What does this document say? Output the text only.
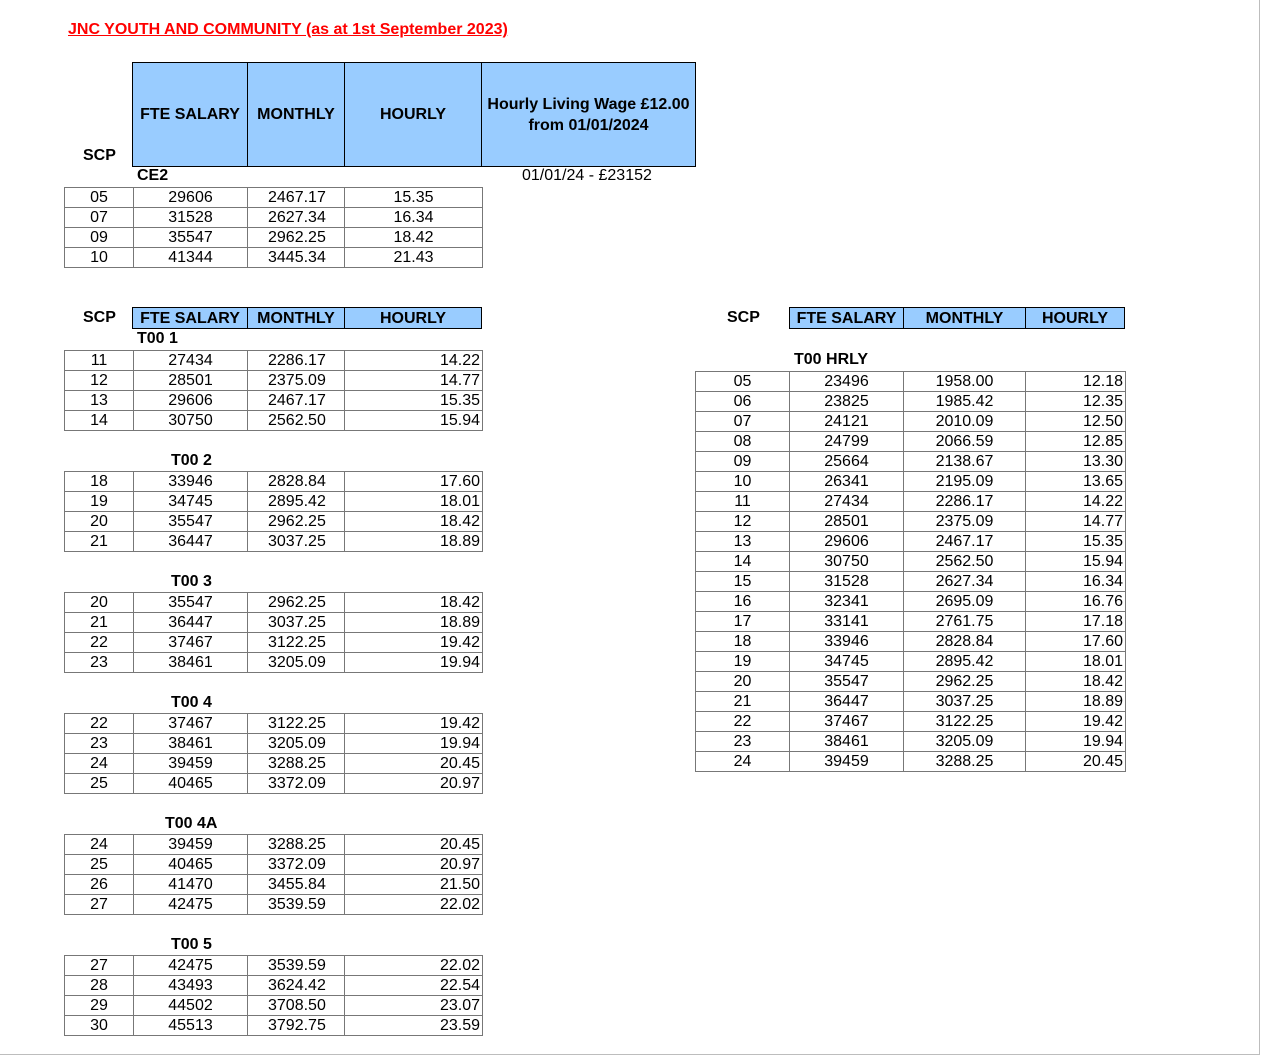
JNC YOUTH AND COMMUNITY (as at 1st September 2023)
FTE SALARY	MONTHLY	HOURLY
Hourly Living Wage £12.00
from 01/01/2024
SCP
CE2	01/01/24 - £23152
05	29606	2467.17	15.35
07	31528	2627.34	16.34
09	35547	2962.25	18.42
10	41344	3445.34	21.43
SCP	FTE SALARY	MONTHLY	HOURLY
T00 1
11	27434	2286.17	14.22
12	28501	2375.09	14.77
13	29606	2467.17	15.35
14	30750	2562.50	15.94
T00 2
18	33946	2828.84	17.60
19	34745	2895.42	18.01
20	35547	2962.25	18.42
21	36447	3037.25	18.89
T00 3
20	35547	2962.25	18.42
21	36447	3037.25	18.89
22	37467	3122.25	19.42
23	38461	3205.09	19.94
T00 4
22	37467	3122.25	19.42
23	38461	3205.09	19.94
24	39459	3288.25	20.45
25	40465	3372.09	20.97
T00 4A
24	39459	3288.25	20.45
25	40465	3372.09	20.97
26	41470	3455.84	21.50
27	42475	3539.59	22.02
T00 5
27	42475	3539.59	22.02
28	43493	3624.42	22.54
29	44502	3708.50	23.07
30	45513	3792.75	23.59
SCP	FTE SALARY	MONTHLY	HOURLY
T00 HRLY
05	23496	1958.00	12.18
06	23825	1985.42	12.35
07	24121	2010.09	12.50
08	24799	2066.59	12.85
09	25664	2138.67	13.30
10	26341	2195.09	13.65
11	27434	2286.17	14.22
12	28501	2375.09	14.77
13	29606	2467.17	15.35
14	30750	2562.50	15.94
15	31528	2627.34	16.34
16	32341	2695.09	16.76
17	33141	2761.75	17.18
18	33946	2828.84	17.60
19	34745	2895.42	18.01
20	35547	2962.25	18.42
21	36447	3037.25	18.89
22	37467	3122.25	19.42
23	38461	3205.09	19.94
24	39459	3288.25	20.45
